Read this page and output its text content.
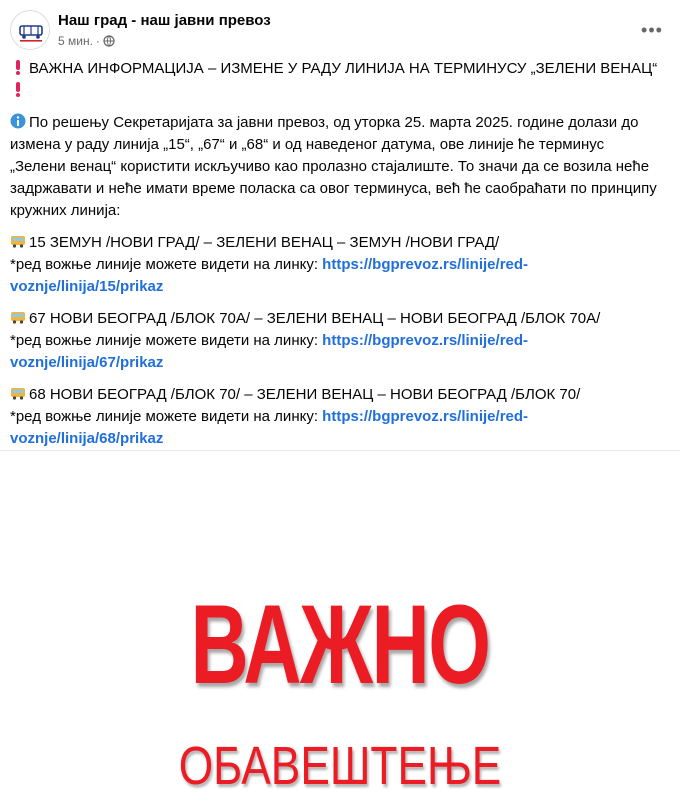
Наш град - наш јавни превоз
5 мин. ·
•••
ВАЖНА ИНФОРМАЦИЈА – ИЗМЕНЕ У РАДУ ЛИНИЈА НА ТЕРМИНУСУ „ЗЕЛЕНИ ВЕНАЦ“
По решењу Секретаријата за јавни превоз, од уторка 25. марта 2025. године долази до измена у раду линија „15“, „67“ и „68“ и од наведеног датума, ове линије ће терминус „Зелени венац“ користити искључиво као пролазно стајалиште. То значи да се возила неће задржавати и неће имати време поласка са овог терминуса, већ ће саобраћати по принципу кружних линија:
15 ЗЕМУН /НОВИ ГРАД/ – ЗЕЛЕНИ ВЕНАЦ – ЗЕМУН /НОВИ ГРАД/
*ред вожње линије можете видети на линку: https://bgprevoz.rs/linije/red-voznje/linija/15/prikaz
67 НОВИ БЕОГРАД /БЛОК 70А/ – ЗЕЛЕНИ ВЕНАЦ – НОВИ БЕОГРАД /БЛОК 70А/
*ред вожње линије можете видети на линку: https://bgprevoz.rs/linije/red-voznje/linija/67/prikaz
68 НОВИ БЕОГРАД /БЛОК 70/ – ЗЕЛЕНИ ВЕНАЦ – НОВИ БЕОГРАД /БЛОК 70/
*ред вожње линије можете видети на линку: https://bgprevoz.rs/linije/red-voznje/linija/68/prikaz
ВАЖНО
ОБАВЕШТЕЊЕ
